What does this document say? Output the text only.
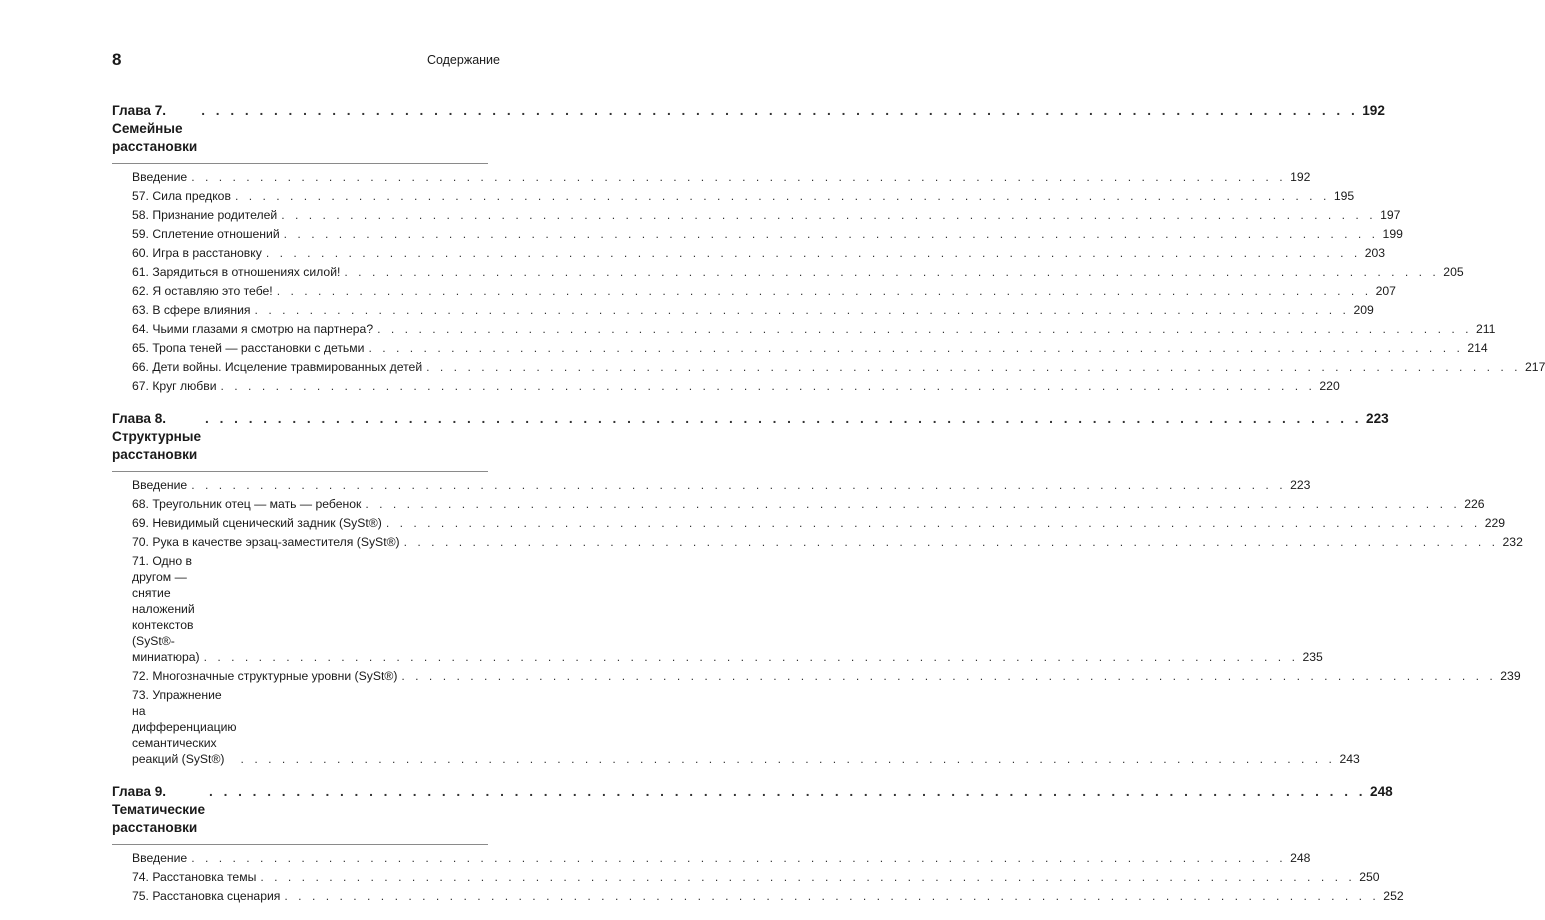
8	Содержание
Глава 7. Семейные расстановки
. . . . . . . . . . . . . . . . . . . . . . . . . . . . . . . . . . . . . . . . . . . . . . . . . . . . . . . . . . . . . . . . . . . . . . . . . . . . . . . . 192
Введение . . . . . . . . . . . . . . . . . . . . . . . . . . . . . . . . . . . . . . . . . . . . . . . . . . . . . . . . . . . . . . . . . . . . . . . . . . . . . . . . 192
57. Сила предков . . . . . . . . . . . . . . . . . . . . . . . . . . . . . . . . . . . . . . . . . . . . . . . . . . . . . . . . . . . . . . . . . . . . . . . . . . . . . . . . 195
58. Признание родителей . . . . . . . . . . . . . . . . . . . . . . . . . . . . . . . . . . . . . . . . . . . . . . . . . . . . . . . . . . . . . . . . . . . . . . . . . . . . . . . . 197
59. Сплетение отношений . . . . . . . . . . . . . . . . . . . . . . . . . . . . . . . . . . . . . . . . . . . . . . . . . . . . . . . . . . . . . . . . . . . . . . . . . . . . . . . . 199
60. Игра в расстановку . . . . . . . . . . . . . . . . . . . . . . . . . . . . . . . . . . . . . . . . . . . . . . . . . . . . . . . . . . . . . . . . . . . . . . . . . . . . . . . . 203
61. Зарядиться в отношениях силой! . . . . . . . . . . . . . . . . . . . . . . . . . . . . . . . . . . . . . . . . . . . . . . . . . . . . . . . . . . . . . . . . . . . . . . . . . . . . . . . . 205
62. Я оставляю это тебе! . . . . . . . . . . . . . . . . . . . . . . . . . . . . . . . . . . . . . . . . . . . . . . . . . . . . . . . . . . . . . . . . . . . . . . . . . . . . . . . . 207
63. В сфере влияния . . . . . . . . . . . . . . . . . . . . . . . . . . . . . . . . . . . . . . . . . . . . . . . . . . . . . . . . . . . . . . . . . . . . . . . . . . . . . . . . 209
64. Чьими глазами я смотрю на партнера? . . . . . . . . . . . . . . . . . . . . . . . . . . . . . . . . . . . . . . . . . . . . . . . . . . . . . . . . . . . . . . . . . . . . . . . . . . . . . . . . 211
65. Тропа теней — расстановки с детьми . . . . . . . . . . . . . . . . . . . . . . . . . . . . . . . . . . . . . . . . . . . . . . . . . . . . . . . . . . . . . . . . . . . . . . . . . . . . . . . . 214
66. Дети войны. Исцеление травмированных детей . . . . . . . . . . . . . . . . . . . . . . . . . . . . . . . . . . . . . . . . . . . . . . . . . . . . . . . . . . . . . . . . . . . . . . . . . . . . . . . . 217
67. Круг любви . . . . . . . . . . . . . . . . . . . . . . . . . . . . . . . . . . . . . . . . . . . . . . . . . . . . . . . . . . . . . . . . . . . . . . . . . . . . . . . . 220
Глава 8. Структурные расстановки
. . . . . . . . . . . . . . . . . . . . . . . . . . . . . . . . . . . . . . . . . . . . . . . . . . . . . . . . . . . . . . . . . . . . . . . . . . . . . . . . 223
Введение . . . . . . . . . . . . . . . . . . . . . . . . . . . . . . . . . . . . . . . . . . . . . . . . . . . . . . . . . . . . . . . . . . . . . . . . . . . . . . . . 223
68. Треугольник отец — мать — ребенок . . . . . . . . . . . . . . . . . . . . . . . . . . . . . . . . . . . . . . . . . . . . . . . . . . . . . . . . . . . . . . . . . . . . . . . . . . . . . . . . 226
69. Невидимый сценический задник (SySt®) . . . . . . . . . . . . . . . . . . . . . . . . . . . . . . . . . . . . . . . . . . . . . . . . . . . . . . . . . . . . . . . . . . . . . . . . . . . . . . . . 229
70. Рука в качестве эрзац-заместителя (SySt®) . . . . . . . . . . . . . . . . . . . . . . . . . . . . . . . . . . . . . . . . . . . . . . . . . . . . . . . . . . . . . . . . . . . . . . . . . . . . . . . . 232
71. Одно в другом — снятие наложений контекстов (SySt®-миниатюра) . . . . . . . . . . . . . . . . . . . . . . . . . . . . . . . . . . . . . . . . . . . . . . . . . . . . . . . . . . . . . . . . . . . . . . . . . . . . . . . . 235
72. Многозначные структурные уровни (SySt®) . . . . . . . . . . . . . . . . . . . . . . . . . . . . . . . . . . . . . . . . . . . . . . . . . . . . . . . . . . . . . . . . . . . . . . . . . . . . . . . . 239
73. Упражнение на дифференциацию семантических реакций (SySt®)	. . . . . . . . . . . . . . . . . . . . . . . . . . . . . . . . . . . . . . . . . . . . . . . . . . . . . . . . . . . . . . . . . . . . . . . . . . . . . . . . 243
Глава 9. Тематические расстановки
. . . . . . . . . . . . . . . . . . . . . . . . . . . . . . . . . . . . . . . . . . . . . . . . . . . . . . . . . . . . . . . . . . . . . . . . . . . . . . . . 248
Введение . . . . . . . . . . . . . . . . . . . . . . . . . . . . . . . . . . . . . . . . . . . . . . . . . . . . . . . . . . . . . . . . . . . . . . . . . . . . . . . . 248
74. Расстановка темы . . . . . . . . . . . . . . . . . . . . . . . . . . . . . . . . . . . . . . . . . . . . . . . . . . . . . . . . . . . . . . . . . . . . . . . . . . . . . . . . 250
75. Расстановка сценария . . . . . . . . . . . . . . . . . . . . . . . . . . . . . . . . . . . . . . . . . . . . . . . . . . . . . . . . . . . . . . . . . . . . . . . . . . . . . . . . 252
